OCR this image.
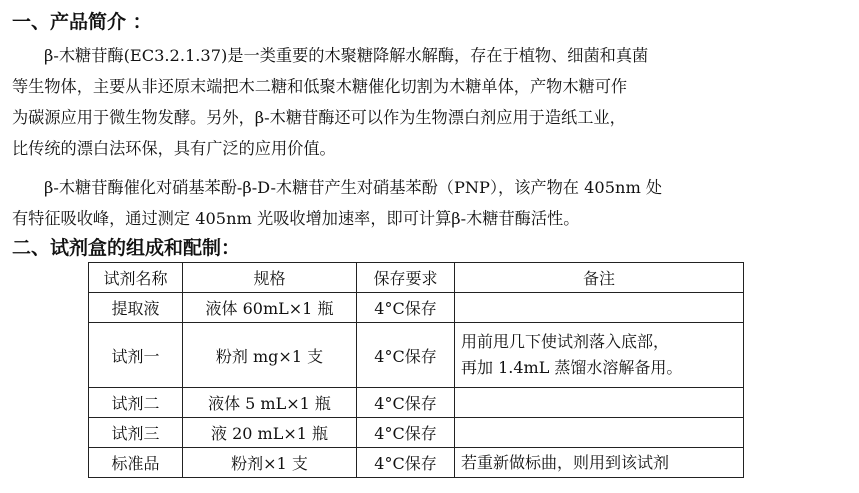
一、产品简介 ：
β-木糖苷酶(EC3.2.1.37)是一类重要的木聚糖降解水解酶，存在于植物、细菌和真菌
等生物体，主要从非还原末端把木二糖和低聚木糖催化切割为木糖单体，产物木糖可作
为碳源应用于微生物发酵。另外，β-木糖苷酶还可以作为生物漂白剂应用于造纸工业，
比传统的漂白法环保，具有广泛的应用价值。
β-木糖苷酶催化对硝基苯酚-β-D-木糖苷产生对硝基苯酚（PNP），该产物在 405nm 处
有特征吸收峰，通过测定 405nm 光吸收增加速率，即可计算β-木糖苷酶活性。
二、试剂盒的组成和配制：
试剂名称	规格	保存要求	备注
提取液	液体 60mL×1 瓶	4°C保存	
试剂一	粉剂 mg×1 支	4°C保存	用前甩几下使试剂落入底部，
再加 1.4mL 蒸馏水溶解备用。

试剂二	液体 5 mL×1 瓶	4°C保存	
试剂三	液 20 mL×1 瓶	4°C保存	
标准品	粉剂×1 支	4°C保存	若重新做标曲，则用到该试剂
